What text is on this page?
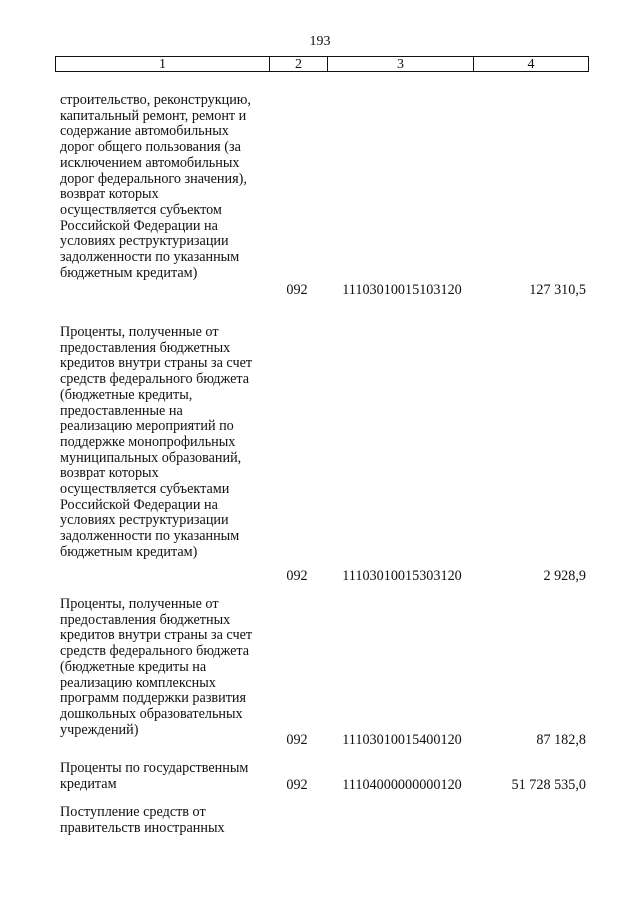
193
1	2	3	4
строительство, реконструкцию,
капитальный ремонт, ремонт и
содержание автомобильных
дорог общего пользования (за
исключением автомобильных
дорог федерального значения),
возврат которых
осуществляется субъектом
Российской Федерации на
условиях реструктуризации
задолженности по указанным
бюджетным кредитам)
092	11103010015103120	127 310,5
Проценты, полученные от
предоставления бюджетных
кредитов внутри страны за счет
средств федерального бюджета
(бюджетные кредиты,
предоставленные на
реализацию мероприятий по
поддержке монопрофильных
муниципальных образований,
возврат которых
осуществляется субъектами
Российской Федерации на
условиях реструктуризации
задолженности по указанным
бюджетным кредитам)
092	11103010015303120	2 928,9
Проценты, полученные от
предоставления бюджетных
кредитов внутри страны за счет
средств федерального бюджета
(бюджетные кредиты на
реализацию комплексных
программ поддержки развития
дошкольных образовательных
учреждений)
092	11103010015400120	87 182,8
Проценты по государственным
кредитам	092	11104000000000120	51 728 535,0
Поступление средств от
правительств иностранных
